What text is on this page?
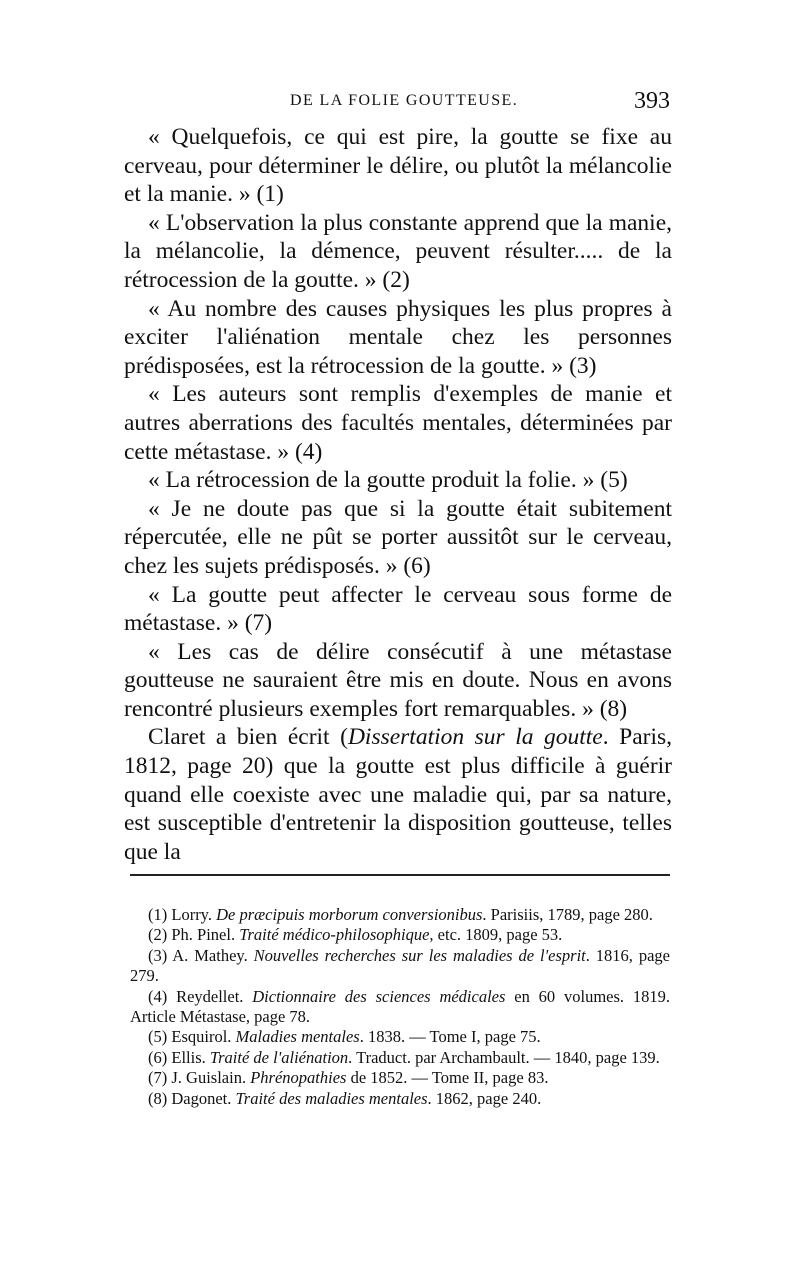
DE LA FOLIE GOUTTEUSE.	393

« Quelquefois, ce qui est pire, la goutte se fixe au cerveau, pour déterminer le délire, ou plutôt la mélancolie et la manie. » (1)

« L'observation la plus constante apprend que la manie, la mélancolie, la démence, peuvent résulter..... de la rétrocession de la goutte. » (2)

« Au nombre des causes physiques les plus propres à exciter l'aliénation mentale chez les personnes prédisposées, est la rétrocession de la goutte. » (3)

« Les auteurs sont remplis d'exemples de manie et autres aberrations des facultés mentales, déterminées par cette métastase. » (4)

« La rétrocession de la goutte produit la folie. » (5)

« Je ne doute pas que si la goutte était subitement répercutée, elle ne pût se porter aussitôt sur le cerveau, chez les sujets prédisposés. » (6)

« La goutte peut affecter le cerveau sous forme de métastase. » (7)

« Les cas de délire consécutif à une métastase goutteuse ne sauraient être mis en doute. Nous en avons rencontré plusieurs exemples fort remarquables. » (8)

Claret a bien écrit (Dissertation sur la goutte. Paris, 1812, page 20) que la goutte est plus difficile à guérir quand elle coexiste avec une maladie qui, par sa nature, est susceptible d'entretenir la disposition goutteuse, telles que la

(1) Lorry. De præcipuis morborum conversionibus. Parisiis, 1789, page 280.

(2) Ph. Pinel. Traité médico-philosophique, etc. 1809, page 53.

(3) A. Mathey. Nouvelles recherches sur les maladies de l'esprit. 1816, page 279.

(4) Reydellet. Dictionnaire des sciences médicales en 60 volumes. 1819. Article Métastase, page 78.

(5) Esquirol. Maladies mentales. 1838. — Tome I, page 75.

(6) Ellis. Traité de l'aliénation. Traduct. par Archambault. — 1840, page 139.

(7) J. Guislain. Phrénopathies de 1852. — Tome II, page 83.

(8) Dagonet. Traité des maladies mentales. 1862, page 240.
